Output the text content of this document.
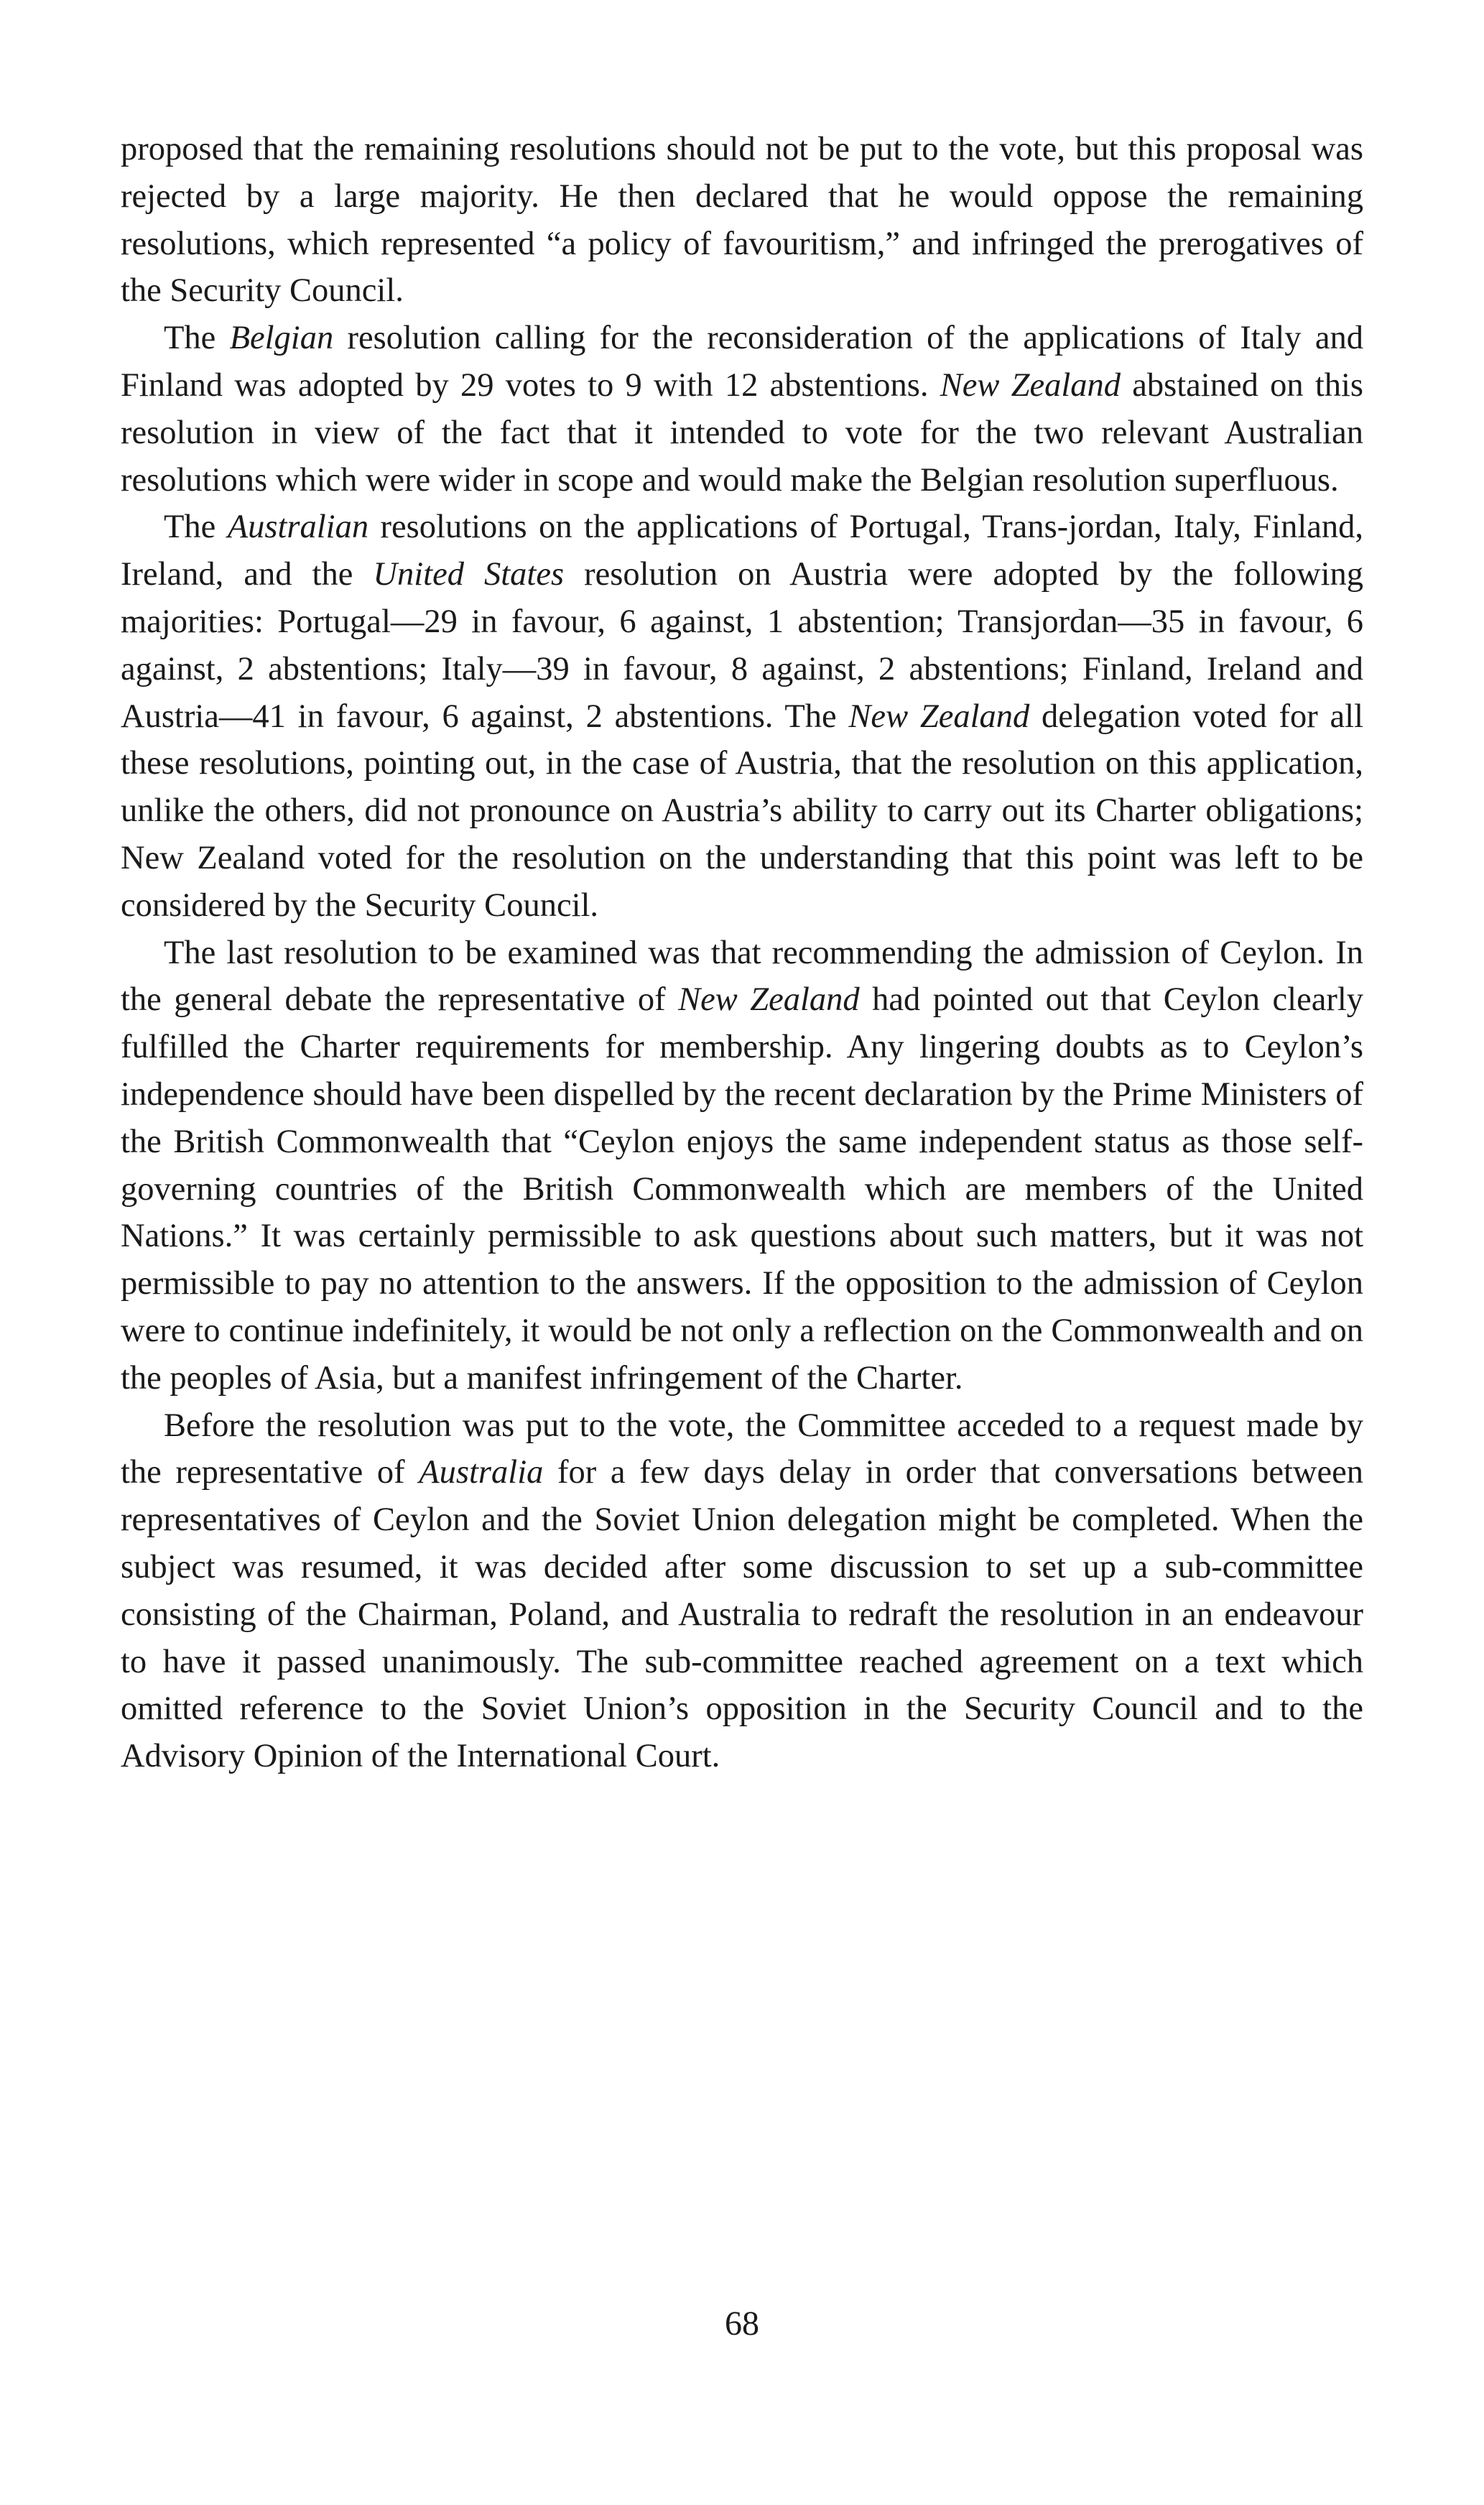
proposed that the remaining resolutions should not be put to the vote, but this proposal was rejected by a large majority. He then declared that he would oppose the remaining resolutions, which represented “a policy of favouritism,” and infringed the prerogatives of the Security Council.

The Belgian resolution calling for the reconsideration of the applications of Italy and Finland was adopted by 29 votes to 9 with 12 abstentions. New Zealand abstained on this resolution in view of the fact that it intended to vote for the two relevant Australian resolutions which were wider in scope and would make the Belgian resolution superfluous.

The Australian resolutions on the applications of Portugal, Trans-jordan, Italy, Finland, Ireland, and the United States resolution on Austria were adopted by the following majorities: Portugal—29 in favour, 6 against, 1 abstention; Transjordan—35 in favour, 6 against, 2 abstentions; Italy—39 in favour, 8 against, 2 abstentions; Finland, Ireland and Austria—41 in favour, 6 against, 2 abstentions. The New Zealand delegation voted for all these resolutions, pointing out, in the case of Austria, that the resolution on this application, unlike the others, did not pronounce on Austria’s ability to carry out its Charter obligations; New Zealand voted for the resolution on the understanding that this point was left to be considered by the Security Council.

The last resolution to be examined was that recommending the admission of Ceylon. In the general debate the representative of New Zealand had pointed out that Ceylon clearly fulfilled the Charter requirements for membership. Any lingering doubts as to Ceylon’s independence should have been dispelled by the recent declaration by the Prime Ministers of the British Commonwealth that “Ceylon enjoys the same independent status as those self-governing countries of the British Commonwealth which are members of the United Nations.” It was certainly permissible to ask questions about such matters, but it was not permissible to pay no attention to the answers. If the opposition to the admission of Ceylon were to continue indefinitely, it would be not only a reflection on the Commonwealth and on the peoples of Asia, but a manifest infringement of the Charter.

Before the resolution was put to the vote, the Committee acceded to a request made by the representative of Australia for a few days delay in order that conversations between representatives of Ceylon and the Soviet Union delegation might be completed. When the subject was resumed, it was decided after some discussion to set up a sub-committee consisting of the Chairman, Poland, and Australia to redraft the resolution in an endeavour to have it passed unanimously. The sub-committee reached agreement on a text which omitted reference to the Soviet Union’s opposition in the Security Council and to the Advisory Opinion of the International Court.

68
